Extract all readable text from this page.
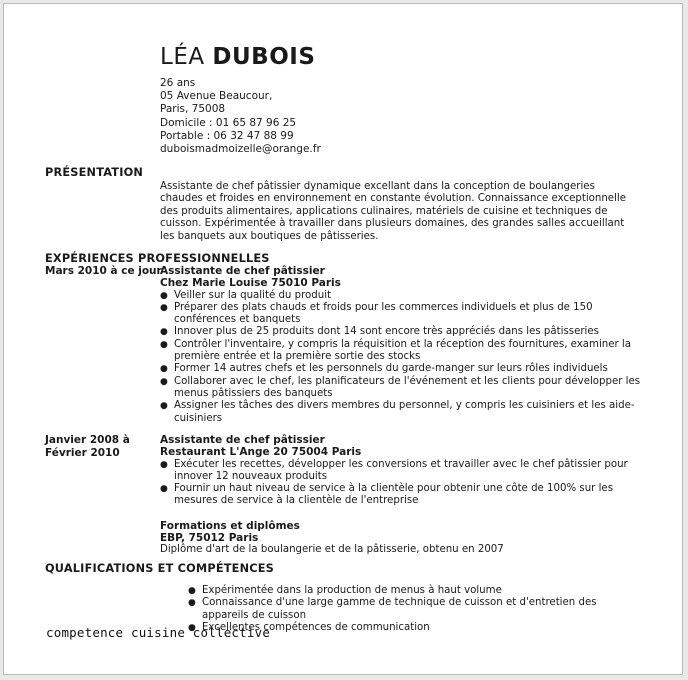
LÉA DUBOIS
26 ans
05 Avenue Beaucour,
Paris, 75008
Domicile : 01 65 87 96 25
Portable : 06 32 47 88 99
duboismadmoizelle@orange.fr
PRÉSENTATION
Assistante de chef pâtissier dynamique excellant dans la conception de boulangeries chaudes et froides en environnement en constante évolution. Connaissance exceptionnelle des produits alimentaires, applications culinaires, matériels de cuisine et techniques de cuisson. Expérimentée à travailler dans plusieurs domaines, des grandes salles accueillant les banquets aux boutiques de pâtisseries.
EXPÉRIENCES PROFESSIONNELLES
Mars 2010 à ce jour
Assistante de chef pâtissier
Chez Marie Louise 75010 Paris
● Veiller sur la qualité du produit
● Préparer des plats chauds et froids pour les commerces individuels et plus de 150 conférences et banquets
● Innover plus de 25 produits dont 14 sont encore très appréciés dans les pâtisseries
● Contrôler l'inventaire, y compris la réquisition et la réception des fournitures, examiner la première entrée et la première sortie des stocks
● Former 14 autres chefs et les personnels du garde-manger sur leurs rôles individuels
● Collaborer avec le chef, les planificateurs de l'événement et les clients pour développer les menus pâtissiers des banquets
● Assigner les tâches des divers membres du personnel, y compris les cuisiniers et les aide-cuisiniers
Janvier 2008 à Février 2010
Assistante de chef pâtissier
Restaurant L'Ange 20 75004 Paris
● Exécuter les recettes, développer les conversions et travailler avec le chef pâtissier pour innover 12 nouveaux produits
● Fournir un haut niveau de service à la clientèle pour obtenir une côte de 100% sur les mesures de service à la clientèle de l'entreprise
Formations et diplômes
EBP, 75012 Paris
Diplôme d'art de la boulangerie et de la pâtisserie, obtenu en 2007
QUALIFICATIONS ET COMPÉTENCES
● Expérimentée dans la production de menus à haut volume
● Connaissance d'une large gamme de technique de cuisson et d'entretien des appareils de cuisson
● Excellentes compétences de communication
competence cuisine collective
